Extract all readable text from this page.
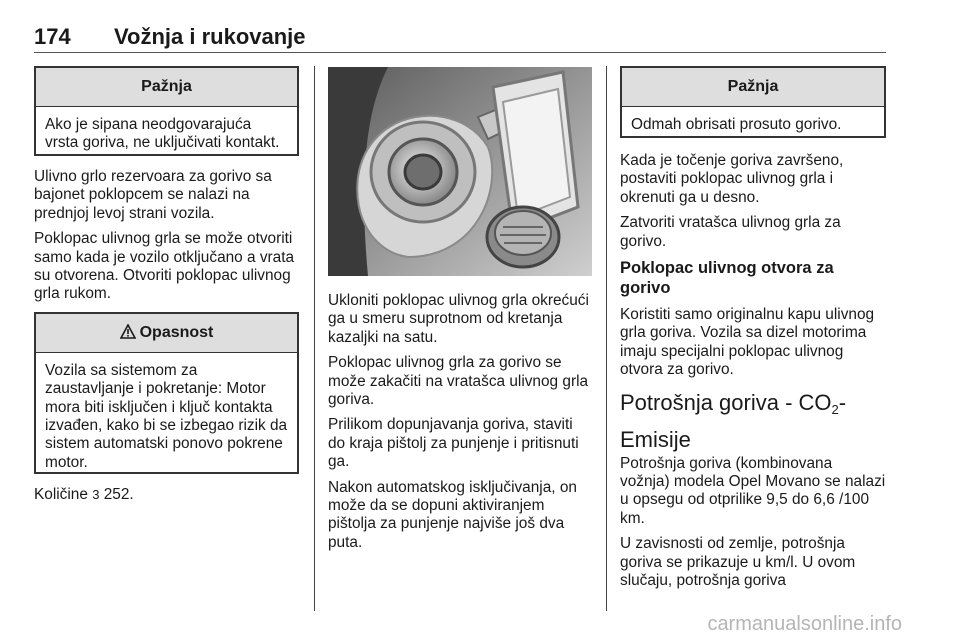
174 Vožnja i rukovanje
Pažnja
Ako je sipana neodgovarajuća vrsta goriva, ne uključivati kontakt.

Ulivno grlo rezervoara za gorivo sa bajonet poklopcem se nalazi na prednjoj levoj strani vozila.

Poklopac ulivnog grla se može otvoriti samo kada je vozilo otključano a vrata su otvorena. Otvoriti poklopac ulivnog grla rukom.

Opasnost
Vozila sa sistemom za zaustavljanje i pokretanje: Motor mora biti isključen i ključ kontakta izvađen, kako bi se izbegao rizik da sistem automatski ponovo pokrene motor.

Količine 3 252.

Ukloniti poklopac ulivnog grla okrećući ga u smeru suprotnom od kretanja kazaljki na satu.

Poklopac ulivnog grla za gorivo se može zakačiti na vratašca ulivnog grla goriva.

Prilikom dopunjavanja goriva, staviti do kraja pištolj za punjenje i pritisnuti ga.

Nakon automatskog isključivanja, on može da se dopuni aktiviranjem pištolja za punjenje najviše još dva puta.

Pažnja
Odmah obrisati prosuto gorivo.

Kada je točenje goriva završeno, postaviti poklopac ulivnog grla i okrenuti ga u desno.

Zatvoriti vratašca ulivnog grla za gorivo.

Poklopac ulivnog otvora za gorivo

Koristiti samo originalnu kapu ulivnog grla goriva. Vozila sa dizel motorima imaju specijalni poklopac ulivnog otvora za gorivo.

Potrošnja goriva - $CO_2-$
Emisije

Potrošnja goriva (kombinovana vožnja) modela Opel Movano se nalazi u opsegu od otprilike 9,5 do 6,6 /100 km.

U zavisnosti od zemlje, potrošnja goriva se prikazuje u km/l. U ovom slučaju, potrošnja goriva

carmanualsonline.info
